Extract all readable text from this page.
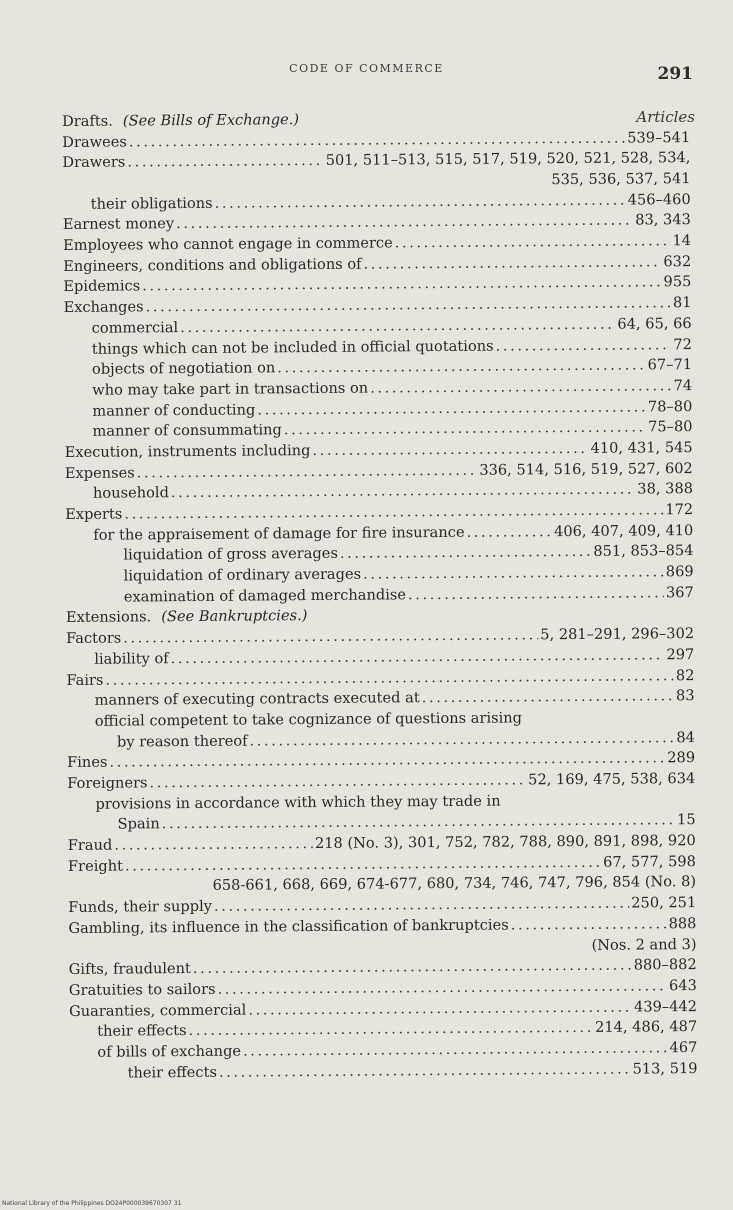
CODE OF COMMERCE	291
Articles
Drafts. (See Bills of Exchange.)
Drawees .....	539–541
Drawers .....	501, 511–513, 515, 517, 519, 520, 521, 528, 534,
535, 536, 537, 541
their obligations .....	456–460
Earnest money .....	83, 343
Employees who cannot engage in commerce .....	14
Engineers, conditions and obligations of .....	632
Epidemics .....	955
Exchanges .....	81
commercial .....	64, 65, 66
things which can not be included in official quotations .....	72
objects of negotiation on .....	67–71
who may take part in transactions on .....	74
manner of conducting .....	78–80
manner of consummating .....	75–80
Execution, instruments including .....	410, 431, 545
Expenses .....	336, 514, 516, 519, 527, 602
household .....	38, 388
Experts .....	172
for the appraisement of damage for fire insurance .....	406, 407, 409, 410
liquidation of gross averages .....	851, 853–854
liquidation of ordinary averages .....	869
examination of damaged merchandise .....	367
Extensions. (See Bankruptcies.)
Factors .....	5, 281–291, 296–302
liability of .....	297
Fairs .....	82
manners of executing contracts executed at .....	83
official competent to take cognizance of questions arising
by reason thereof .....	84
Fines .....	289
Foreigners .....	52, 169, 475, 538, 634
provisions in accordance with which they may trade in
Spain .....	15
Fraud .....	218 (No. 3), 301, 752, 782, 788, 890, 891, 898, 920
Freight .....	67, 577, 598
658-661, 668, 669, 674-677, 680, 734, 746, 747, 796, 854 (No. 8)
Funds, their supply .....	250, 251
Gambling, its influence in the classification of bankruptcies .....	888
(Nos. 2 and 3)
Gifts, fraudulent .....	880–882
Gratuities to sailors .....	643
Guaranties, commercial .....	439–442
their effects .....	214, 486, 487
of bills of exchange .....	467
their effects .....	513, 519
National Library of the Philippines DO24P000039670307 31
